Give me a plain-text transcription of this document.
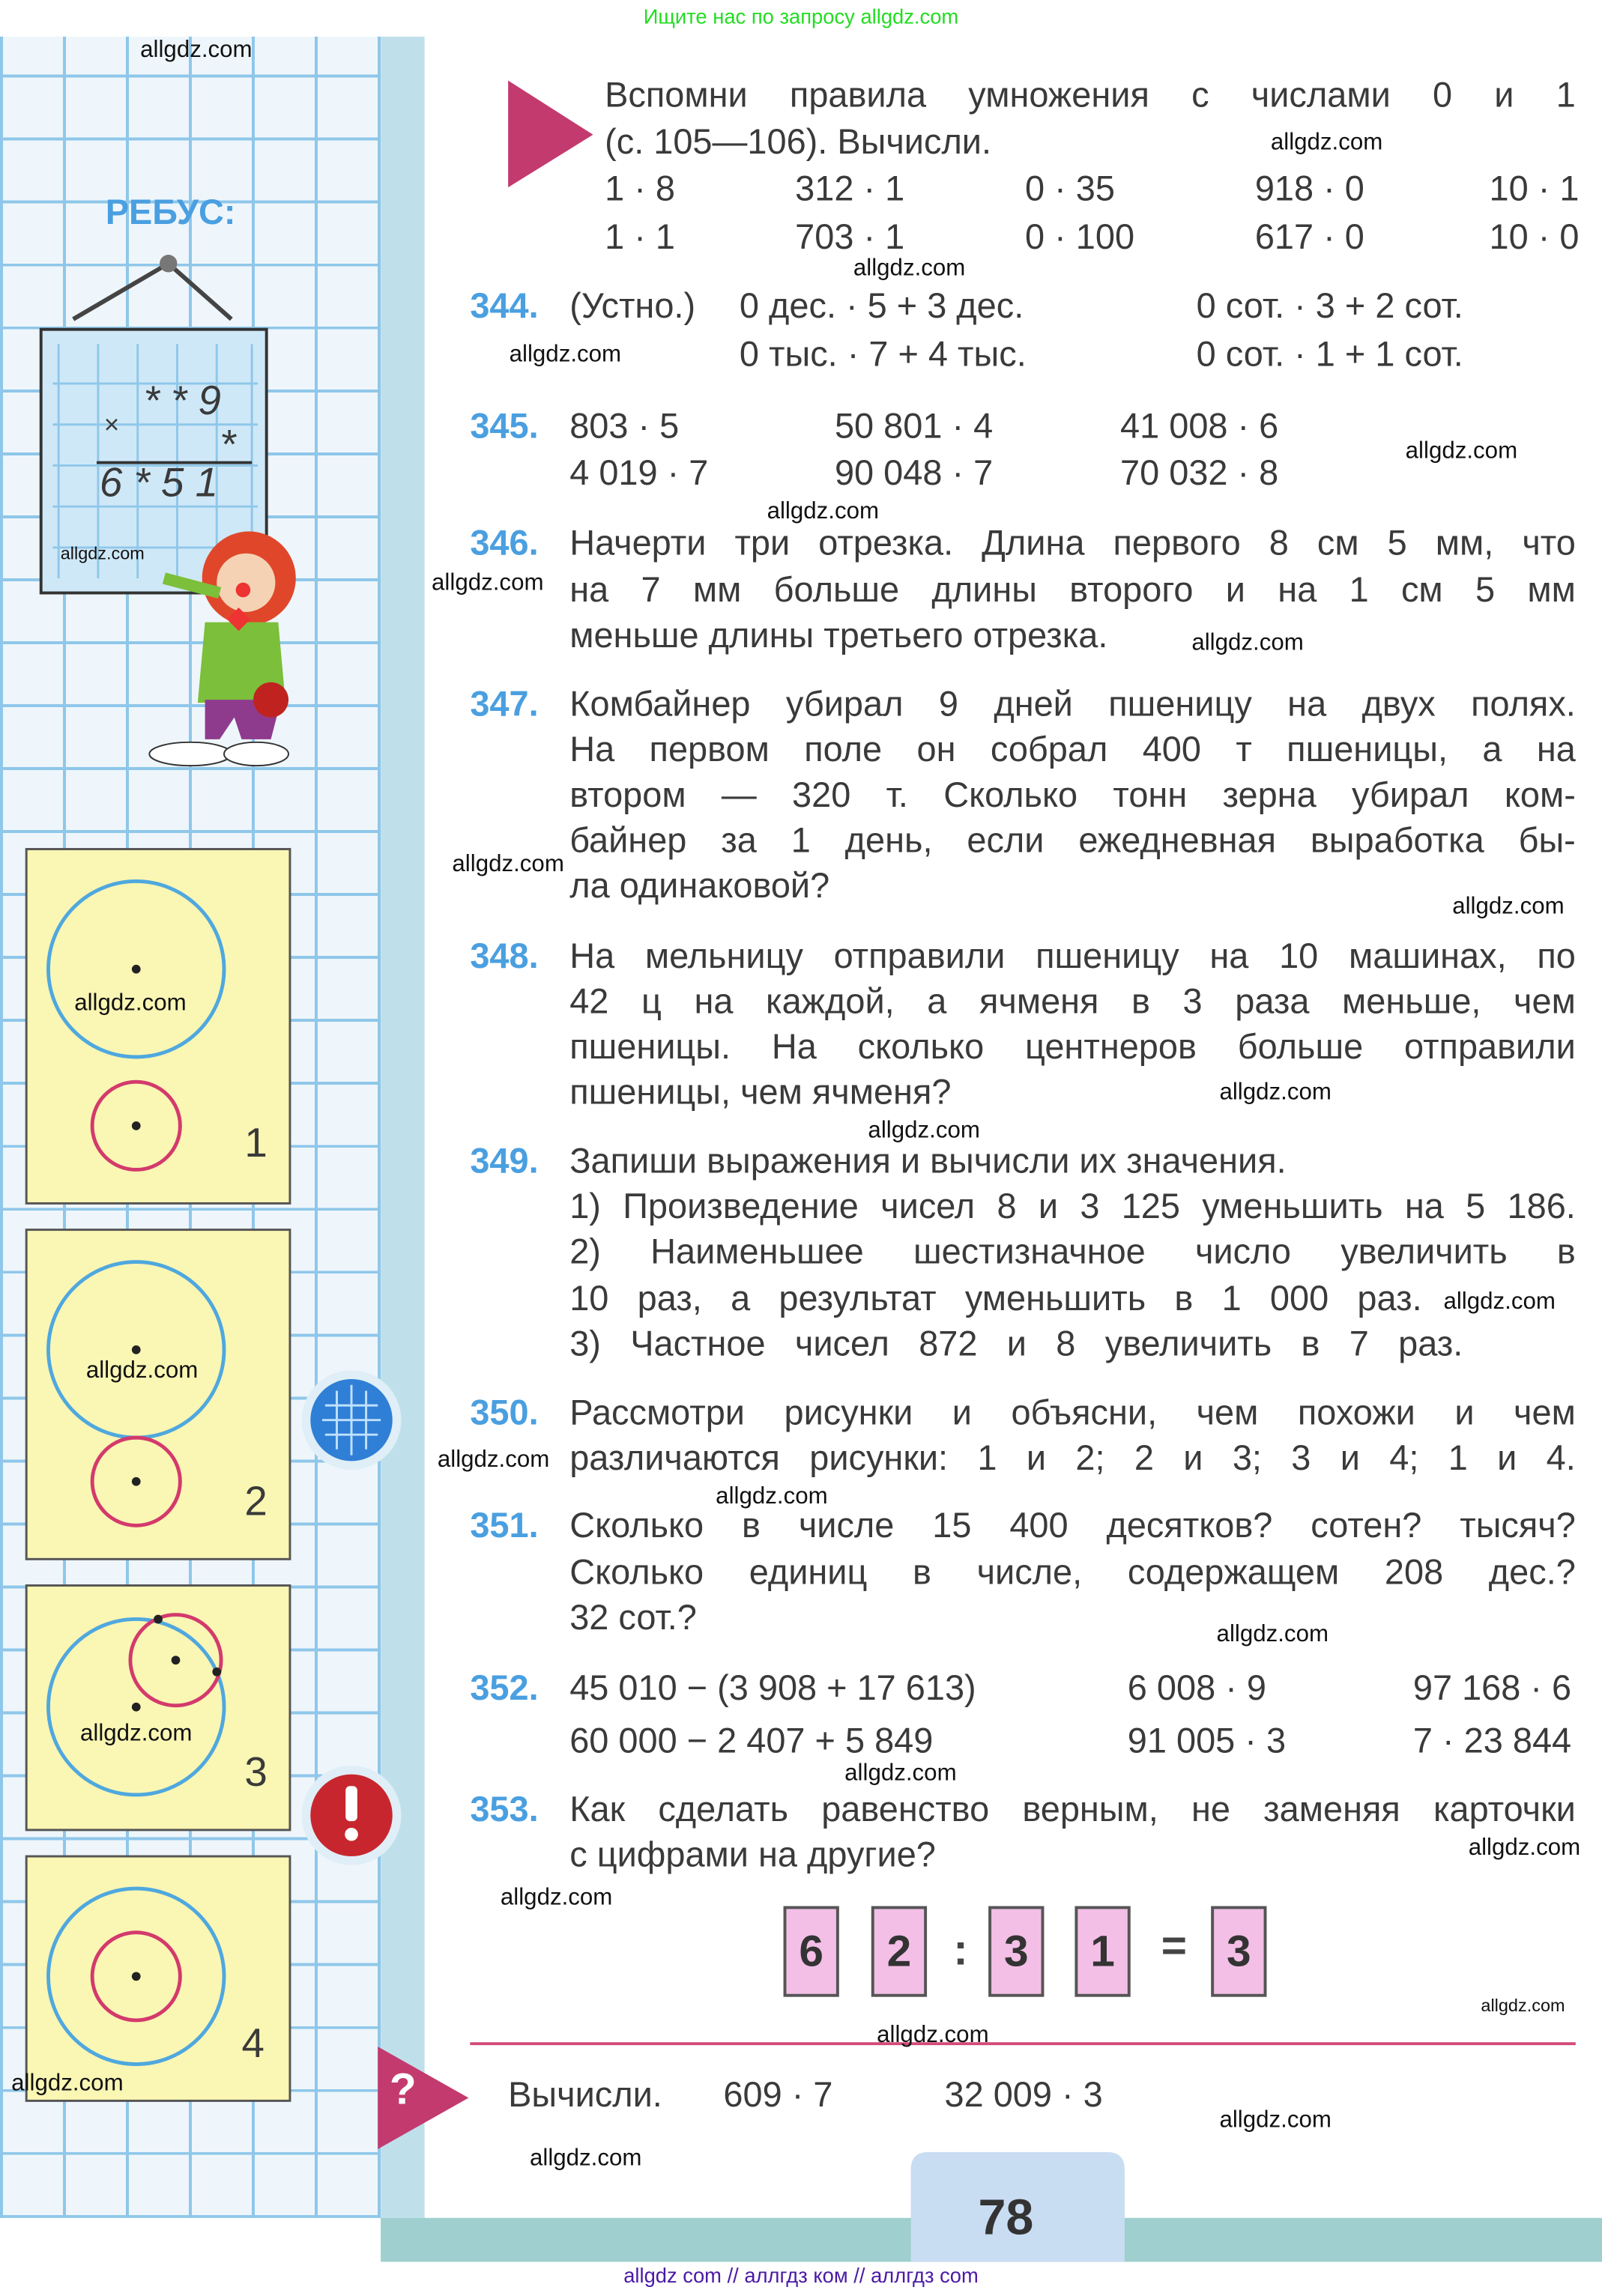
Ищите нас по запросу allgdz.com
РЕБУС:
* * 9
×	*
6 * 5 1
1
2
3
4
Вспомни правила умножения с числами 0 и 1
(с. 105—106). Вычисли.
1 · 8	312 · 1	0 · 35	918 · 0	10 · 1
1 · 1	703 · 1	0 · 100	617 · 0	10 · 0
344. (Устно.) 0 дес. · 5 + 3 дес.	0 сот. · 3 + 2 сот.
0 тыс. · 7 + 4 тыс.	0 сот. · 1 + 1 сот.
345. 803 · 5	50 801 · 4	41 008 · 6
4 019 · 7	90 048 · 7	70 032 · 8
346. Начерти три отрезка. Длина первого 8 см 5 мм, что
на 7 мм больше длины второго и на 1 см 5 мм
меньше длины третьего отрезка.
347. Комбайнер убирал 9 дней пшеницу на двух полях.
На первом поле он собрал 400 т пшеницы, а на
втором — 320 т. Сколько тонн зерна убирал ком-
байнер за 1 день, если ежедневная выработка бы-
ла одинаковой?
348. На мельницу отправили пшеницу на 10 машинах, по
42 ц на каждой, а ячменя в 3 раза меньше, чем
пшеницы. На сколько центнеров больше отправили
пшеницы, чем ячменя?
349. Запиши выражения и вычисли их значения.
1) Произведение чисел 8 и 3 125 уменьшить на 5 186.
2) Наименьшее шестизначное число увеличить в
10 раз, а результат уменьшить в 1 000 раз.
3) Частное чисел 872 и 8 увеличить в 7 раз.
350. Рассмотри рисунки и объясни, чем похожи и чем
различаются рисунки: 1 и 2; 2 и 3; 3 и 4; 1 и 4.
351. Сколько в числе 15 400 десятков? сотен? тысяч?
Сколько единиц в числе, содержащем 208 дес.?
32 сот.?
352. 45 010 − (3 908 + 17 613)	6 008 · 9	97 168 · 6
60 000 − 2 407 + 5 849	91 005 · 3	7 · 23 844
353. Как сделать равенство верным, не заменяя карточки
с цифрами на другие?
6	2	:	3	1	=	3
?	Вычисли.	609 · 7	32 009 · 3
78
allgdz.com
allgdz.com
allgdz.com
allgdz.com
allgdz.com
allgdz.com
allgdz.com
allgdz.com
allgdz.com
allgdz.com
allgdz.com
allgdz.com
allgdz.com
allgdz.com
allgdz.com
allgdz.com
allgdz.com
allgdz.com
allgdz.com
allgdz.com
allgdz.com
allgdz.com
allgdz.com
allgdz.com
allgdz.com
allgdz.com
allgdz.com
allgdz.com
allgdz com // аллгдз ком // аллгдз com
